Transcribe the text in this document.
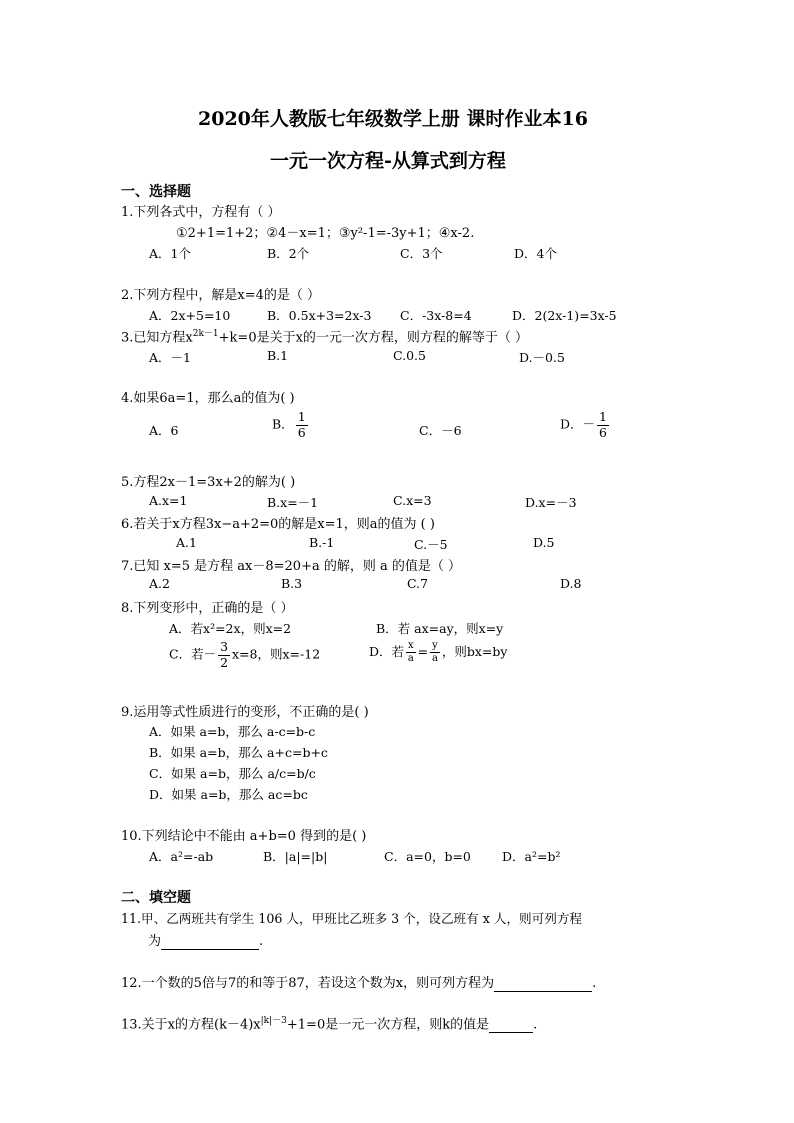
2020年人教版七年级数学上册 课时作业本16
一元一次方程-从算式到方程
一、选择题
1.下列各式中，方程有（ ）
①2+1=1+2；②4－x=1；③y²-1=-3y+1；④x-2.
A．1个	B．2个	C．3个	D．4个
2.下列方程中，解是x=4的是（ ）
A．2x+5=10	B．0.5x+3=2x-3 C．-3x-8=4	D．2(2x-1)=3x-5
3.已知方程$x^{2k-1}+k=0$是关于x的一元一次方程，则方程的解等于（ ）
A．－1	B.1	C.0.5	D.－0.5
4.如果6a=1，那么a的值为( )
A．6	B． $\frac{1}{6}$	C．－6	D．－ $\frac{1}{6}$
5.方程2x－1=3x+2的解为( )
A.x=1	B.x=－1	C.x=3	D.x=－3
6.若关于x方程3x−a+2=0的解是x=1，则a的值为 ( )
A.1	B.-1	C.－5	D.5
7.已知 x=5 是方程 ax－8=20+a 的解，则 a 的值是（ ）
A.2	B.3	C.7	D.8
8.下列变形中，正确的是（ ）
A．若x²=2x，则x=2	B．若 ax=ay，则x=y
C．若－ $\frac{3}{2} x=8$，则x=-12	D．若 $\frac{x}{a} = \frac{y}{a}$ ，则bx=by
9.运用等式性质进行的变形，不正确的是( )
A．如果 a=b，那么 a-c=b-c
B．如果 a=b，那么 a+c=b+c
C．如果 a=b，那么 a/c=b/c
D．如果 a=b，那么 ac=bc
10.下列结论中不能由 a+b=0 得到的是( )
A．a²=-ab	B．|a|=|b|	C．a=0，b=0 D．a²=b²
二、填空题
11.甲、乙两班共有学生 106 人，甲班比乙班多 3 个，设乙班有 x 人，则可列方程
为	.
12.一个数的5倍与7的和等于87，若设这个数为x，则可列方程为	.
13.关于x的方程$(k-4)x^{|k|-3}+1=0$是一元一次方程，则k的值是	.
